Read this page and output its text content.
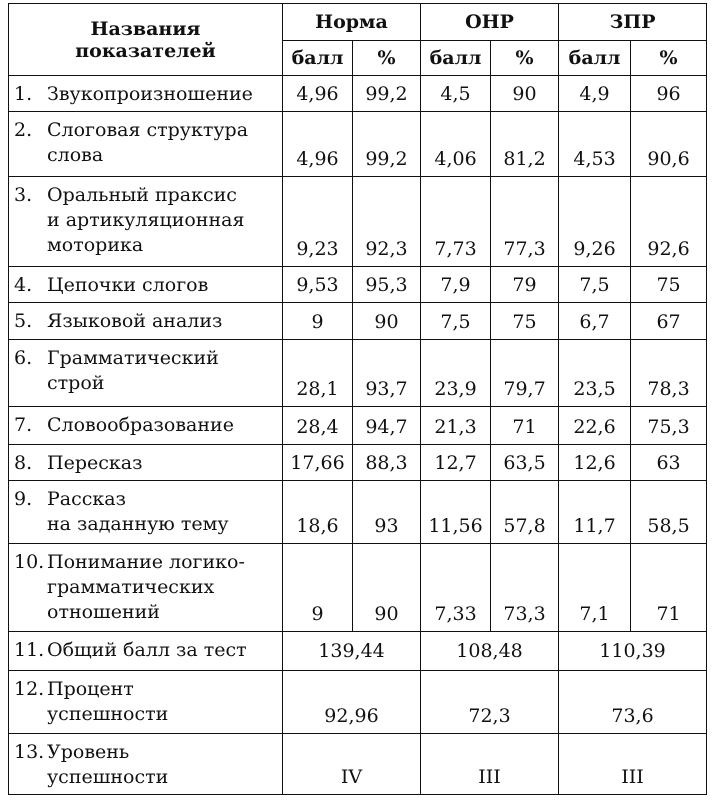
Названия
показателей	Норма		ОНР		ЗПР	
	балл	%	балл	%	балл	%

1. Звукопроизношение	4,96	99,2	4,5	90	4,9	96

2. Слоговая структура
слова	4,96	99,2	4,06	81,2	4,53	90,6

3. Оральный праксис
и артикуляционная
моторика	9,23	92,3	7,73	77,3	9,26	92,6

4. Цепочки слогов	9,53	95,3	7,9	79	7,5	75

5. Языковой анализ	9	90	7,5	75	6,7	67

6. Грамматический
строй	28,1	93,7	23,9	79,7	23,5	78,3

7. Словообразование	28,4	94,7	21,3	71	22,6	75,3

8. Пересказ	17,66	88,3	12,7	63,5	12,6	63

9. Рассказ
на заданную тему	18,6	93	11,56	57,8	11,7	58,5

10. Понимание логико-
грамматических
отношений	9	90	7,33	73,3	7,1	71

11. Общий балл за тест	139,44		108,48		110,39	

12. Процент
успешности	92,96		72,3		73,6	

13. Уровень
успешности	IV		III		III	
